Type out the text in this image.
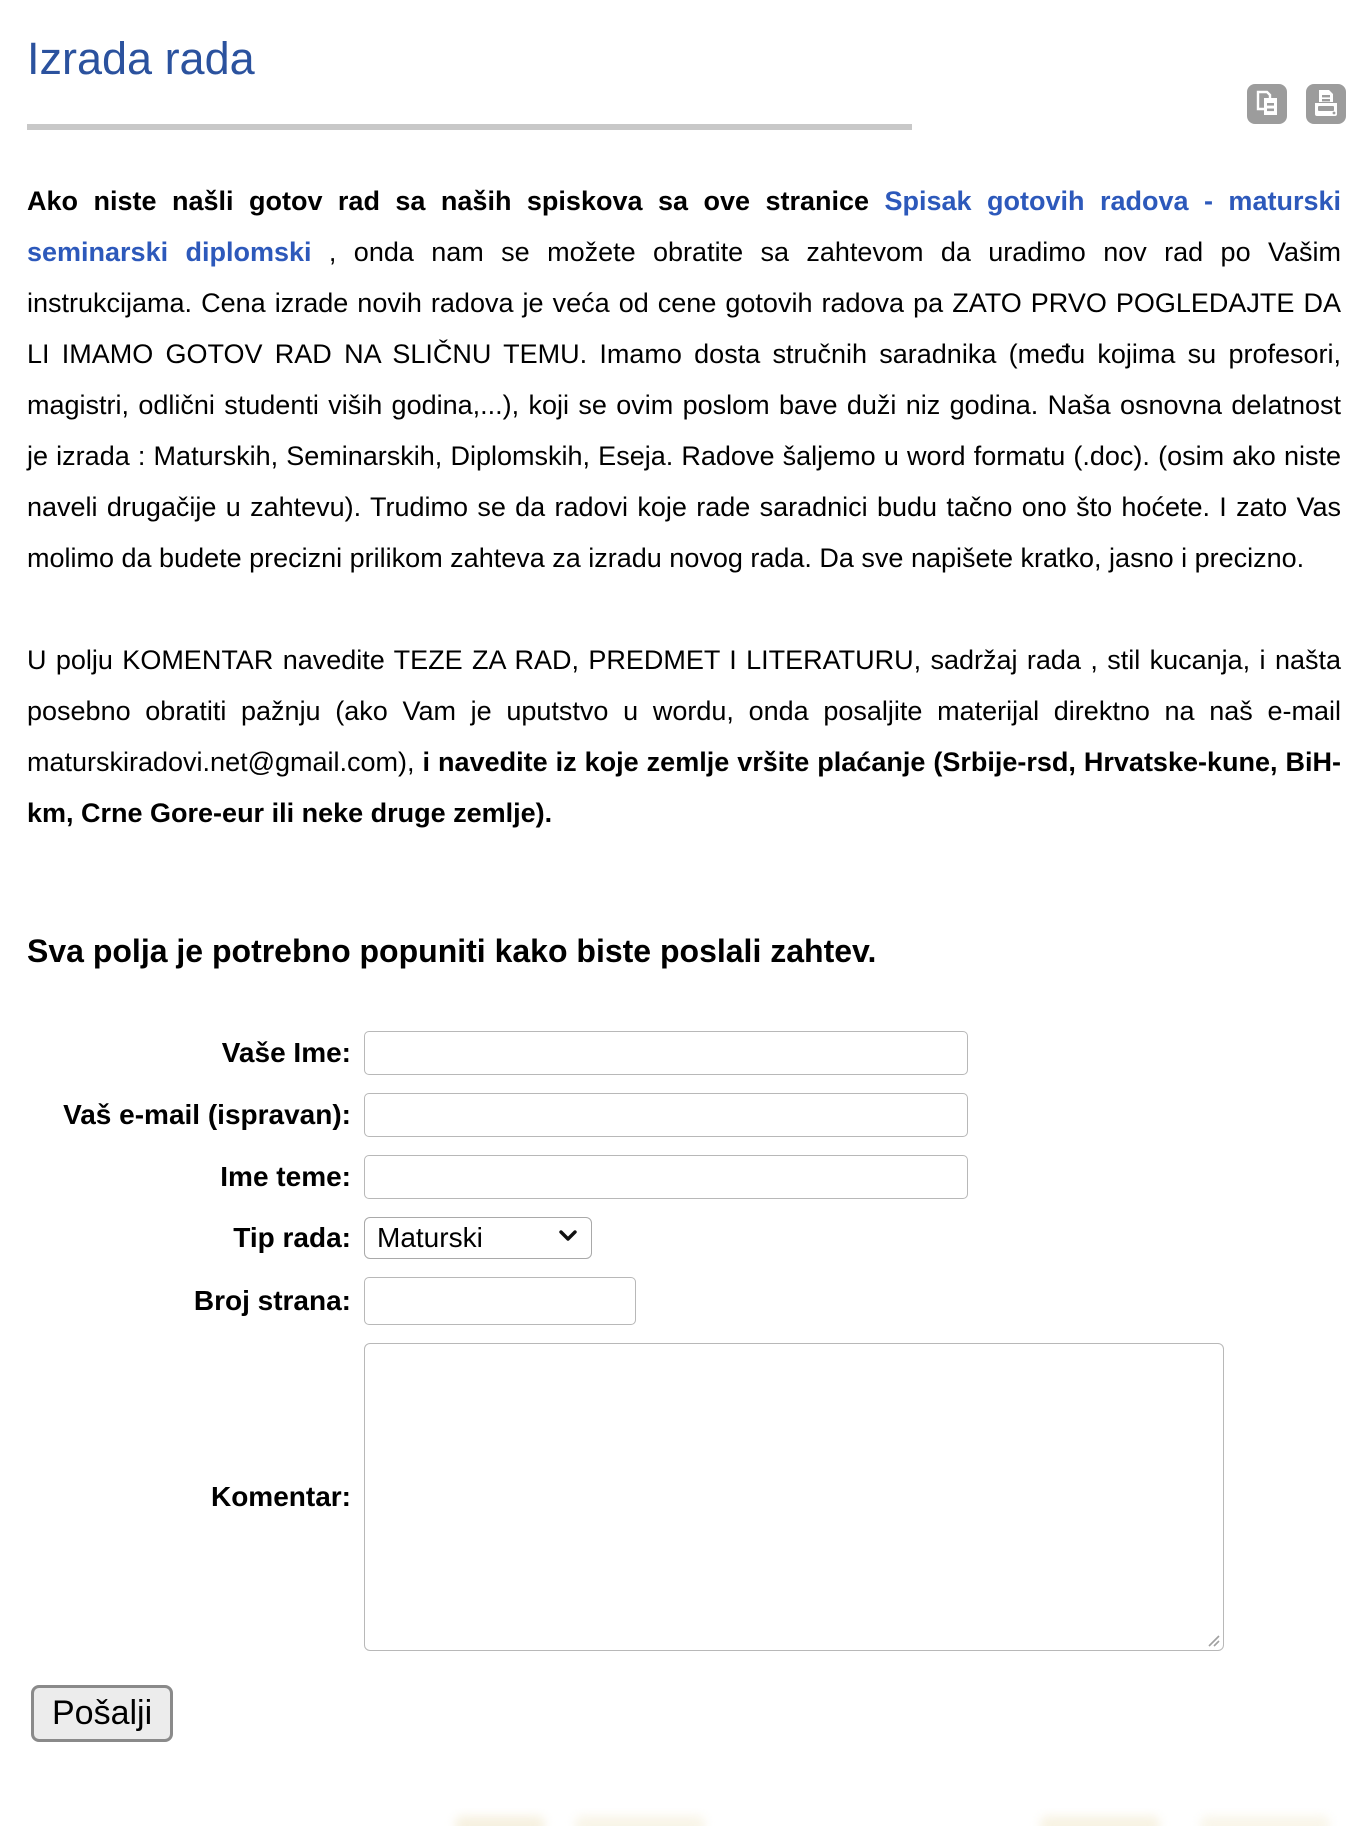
Izrada rada

Ako niste našli gotov rad sa naših spiskova sa ove stranice Spisak gotovih radova - maturski seminarski diplomski , onda nam se možete obratite sa zahtevom da uradimo nov rad po Vašim instrukcijama. Cena izrade novih radova je veća od cene gotovih radova pa ZATO PRVO POGLEDAJTE DA LI IMAMO GOTOV RAD NA SLIČNU TEMU. Imamo dosta stručnih saradnika (među kojima su profesori, magistri, odlični studenti viših godina,...), koji se ovim poslom bave duži niz godina. Naša osnovna delatnost je izrada : Maturskih, Seminarskih, Diplomskih, Eseja. Radove šaljemo u word formatu (.doc). (osim ako niste naveli drugačije u zahtevu). Trudimo se da radovi koje rade saradnici budu tačno ono što hoćete. I zato Vas molimo da budete precizni prilikom zahteva za izradu novog rada. Da sve napišete kratko, jasno i precizno.

U polju KOMENTAR navedite TEZE ZA RAD, PREDMET I LITERATURU, sadržaj rada , stil kucanja, i našta posebno obratiti pažnju (ako Vam je uputstvo u wordu, onda posaljite materijal direktno na naš e-mail maturskiradovi.net@gmail.com), i navedite iz koje zemlje vršite plaćanje (Srbije-rsd, Hrvatske-kune, BiH-km, Crne Gore-eur ili neke druge zemlje).

Sva polja je potrebno popuniti kako biste poslali zahtev.
Vaše Ime:
Vaš e-mail (ispravan):
Ime teme:
Tip rada: Maturski
Broj strana:
Komentar:
Pošalji
